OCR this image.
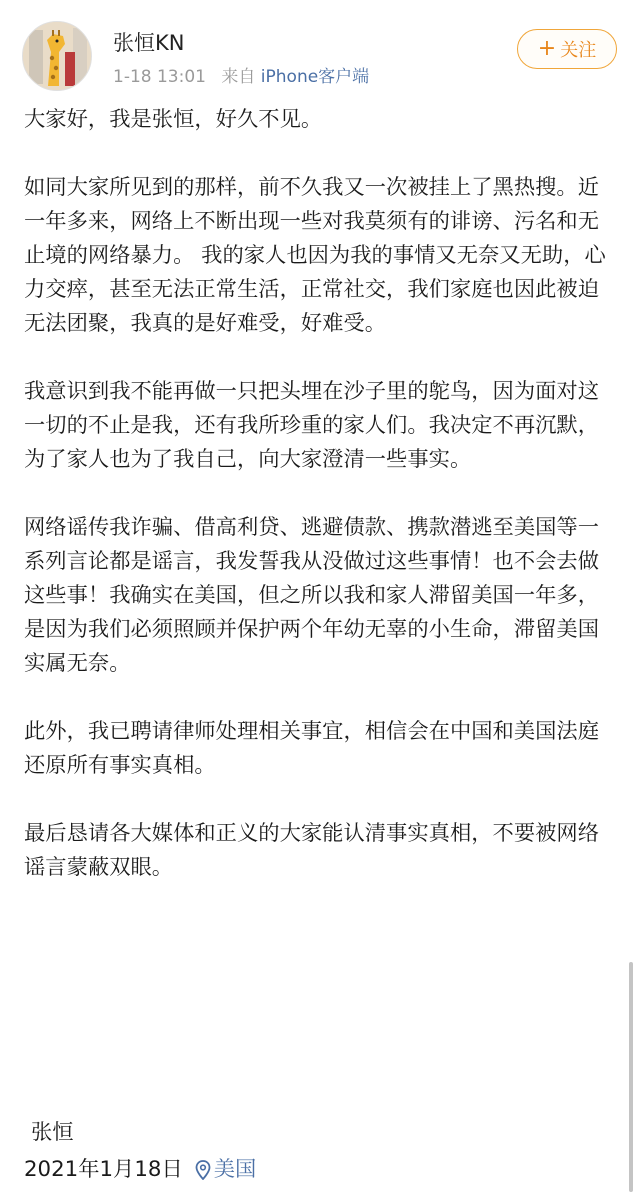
张恒KN
1-18 13:01 来自 iPhone客户端
+ 关注

大家好，我是张恒，好久不见。

如同大家所见到的那样，前不久我又一次被挂上了黑热搜。近一年多来，网络上不断出现一些对我莫须有的诽谤、污名和无止境的网络暴力。 我的家人也因为我的事情又无奈又无助，心力交瘁，甚至无法正常生活，正常社交，我们家庭也因此被迫无法团聚，我真的是好难受，好难受。

我意识到我不能再做一只把头埋在沙子里的鸵鸟，因为面对这一切的不止是我，还有我所珍重的家人们。我决定不再沉默，为了家人也为了我自己，向大家澄清一些事实。

网络谣传我诈骗、借高利贷、逃避债款、携款潜逃至美国等一系列言论都是谣言，我发誓我从没做过这些事情！也不会去做这些事！我确实在美国，但之所以我和家人滞留美国一年多，是因为我们必须照顾并保护两个年幼无辜的小生命，滞留美国实属无奈。

此外，我已聘请律师处理相关事宜，相信会在中国和美国法庭还原所有事实真相。

最后恳请各大媒体和正义的大家能认清事实真相，不要被网络谣言蒙蔽双眼。

张恒
2021年1月18日 美国
